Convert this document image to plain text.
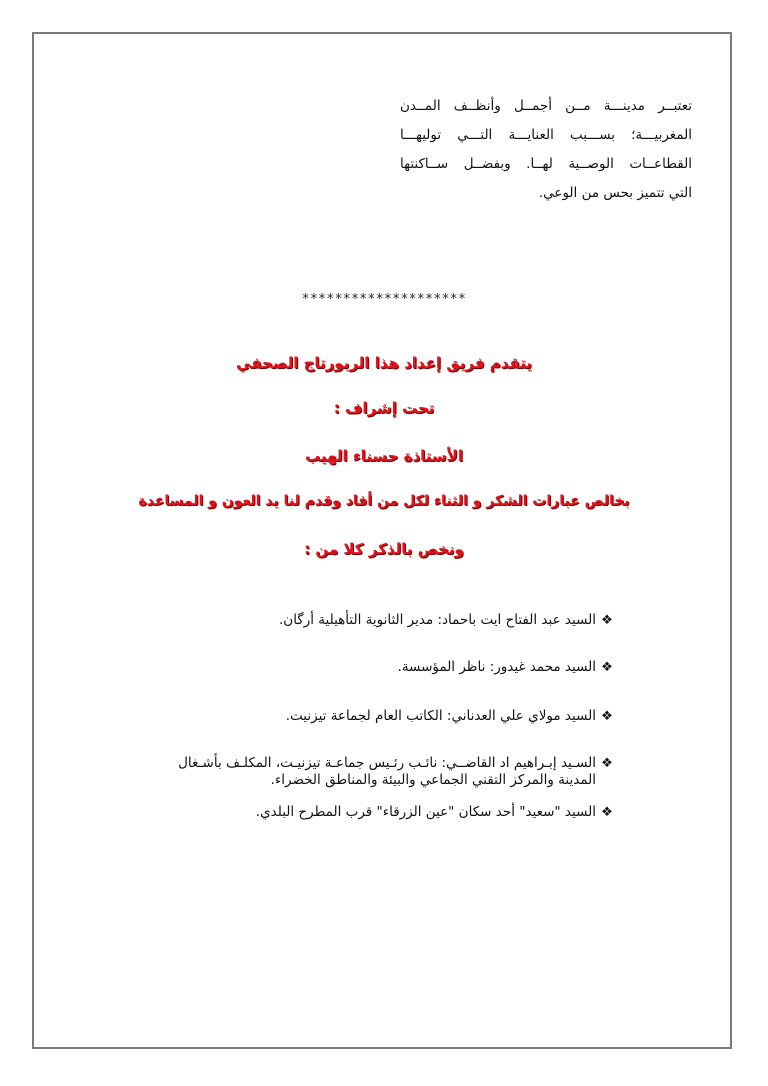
تعتبــر مدينـــة مــن أجمــل وأنظــف المــدن
المغربيـــة؛ بســـبب العنايـــة التـــي توليهـــا
القطاعــات الوصــية لهــا. وبفضــل ســاكنتها
التي تتميز بحس من الوعي.
********************
يتقدم فريق إعداد هذا الربورتاج الصحفي
تحت إشراف :
الأستاذة حسناء الهيب
بخالص عبارات الشكر و الثناء لكل من أفاد وقدم لنا يد العون و المساعدة
ونخص بالذكر كلا من :
❖السيد عبد الفتاح ايت باحماد: مدير الثانوية التأهيلية أرگان.
❖السيد محمد غيدور: ناظر المؤسسة.
❖السيد مولاي علي العدناني: الكاتب العام لجماعة تيزنيت.
❖السـيد إبـراهيم اد القاضــي: نائـب رئـيس جماعـة تيزنيـت، المكلـف بأشـغال
المدينة والمركز التقني الجماعي والبيئة والمناطق الخضراء.
❖السيد "سعيد" أحد سكان "عين الزرقاء" قرب المطرح البلدي.
